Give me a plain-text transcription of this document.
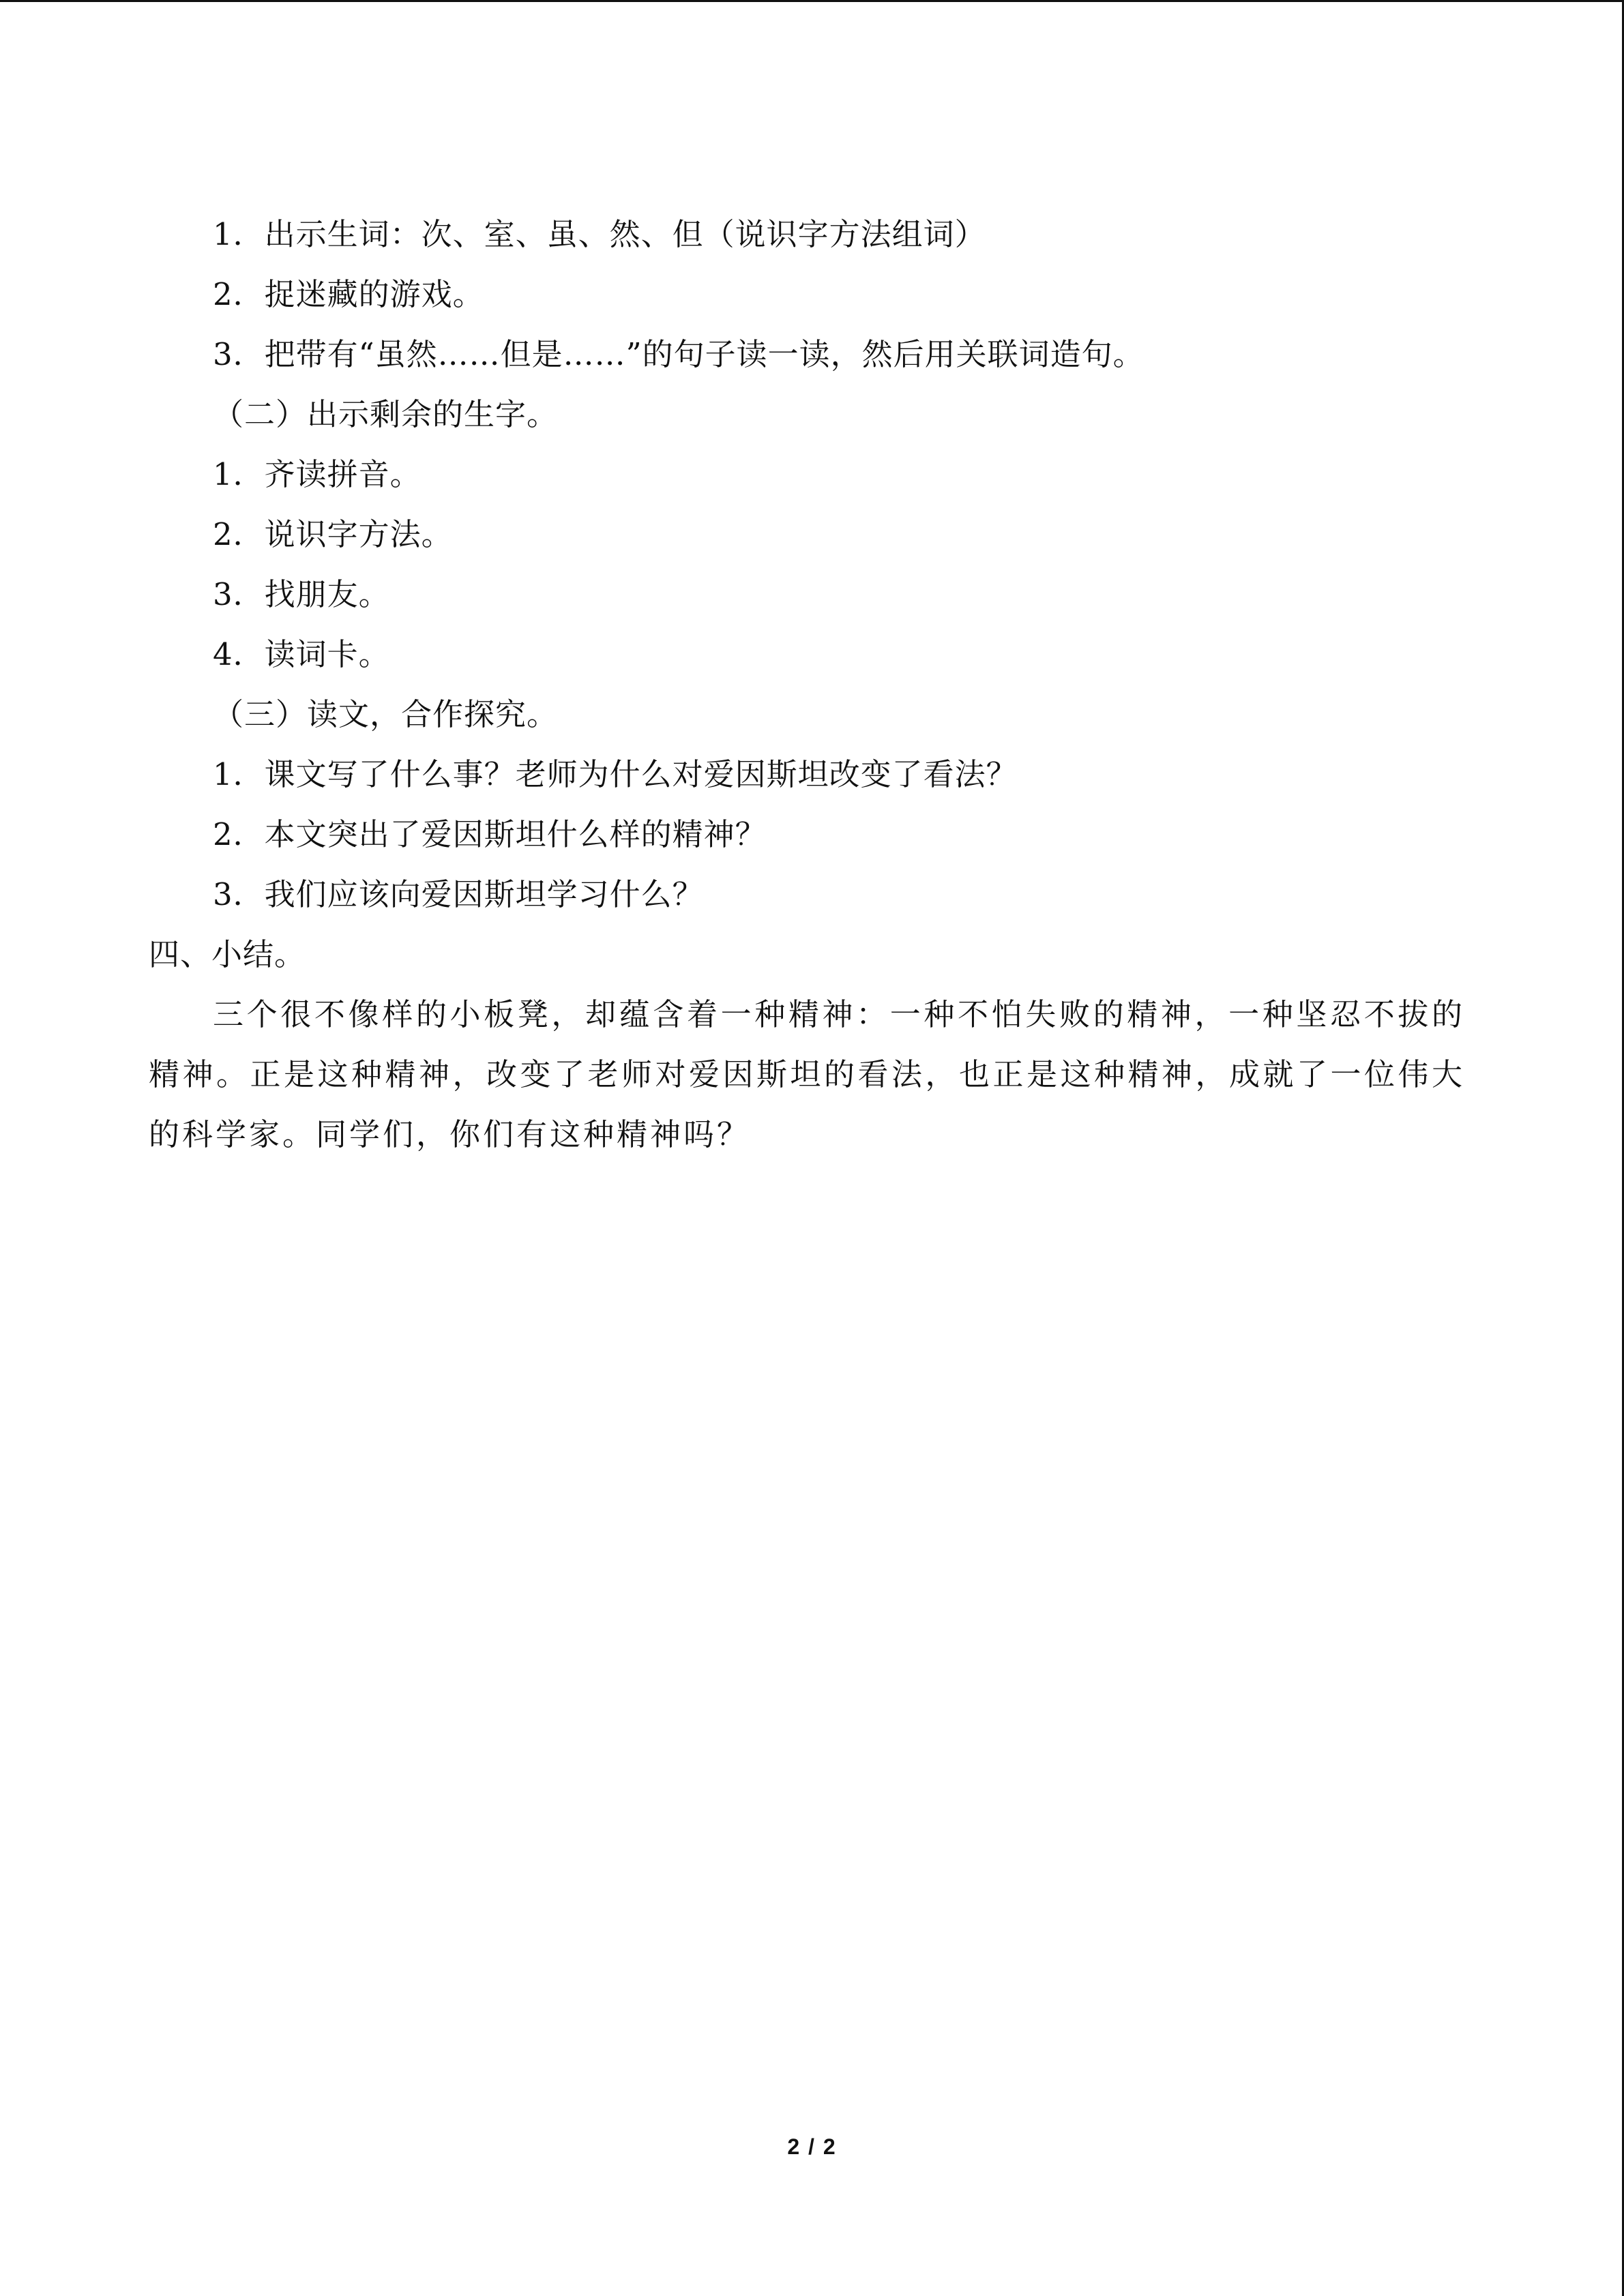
1．出示生词：次、室、虽、然、但（说识字方法组词）
2．捉迷藏的游戏。
3．把带有“虽然……但是……”的句子读一读，然后用关联词造句。
（二）出示剩余的生字。
1．齐读拼音。
2．说识字方法。
3．找朋友。
4．读词卡。
（三）读文，合作探究。
1．课文写了什么事？老师为什么对爱因斯坦改变了看法？
2．本文突出了爱因斯坦什么样的精神？
3．我们应该向爱因斯坦学习什么？
四、小结。
三个很不像样的小板凳，却蕴含着一种精神：一种不怕失败的精神，一种坚忍不拔的精神。正是这种精神，改变了老师对爱因斯坦的看法，也正是这种精神，成就了一位伟大的科学家。同学们，你们有这种精神吗？
2 / 2
